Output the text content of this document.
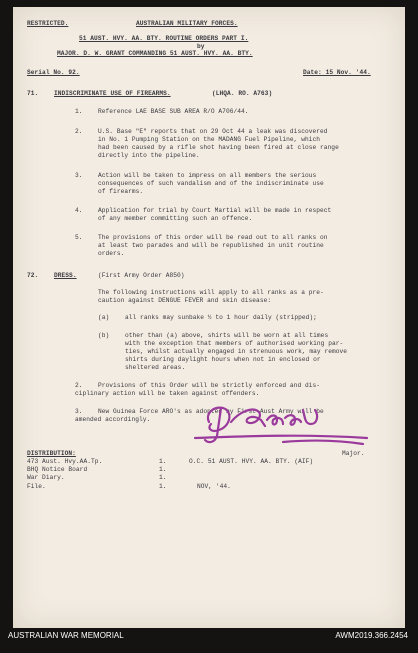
RESTRICTED.	AUSTRALIAN MILITARY FORCES.
51 AUST. HVY. AA. BTY. ROUTINE ORDERS PART I.
by
MAJOR. D. W. GRANT COMMANDING 51 AUST. HVY. AA. BTY.
Serial No. 92.	Date: 15 Nov. '44.
71.	INDISCRIMINATE USE OF FIREARMS.	(LHQA. RO. A763)
1. Reference LAE BASE SUB AREA R/O A706/44.
2. U.S. Base "E" reports that on 29 Oct 44 a leak was discovered
in No. 1 Pumping Station on the MADANG Fuel Pipeline, which
had been caused by a rifle shot having been fired at close range
directly into the pipeline.
3. Action will be taken to impress on all members the serious
consequences of such vandalism and of the indiscriminate use
of firearms.
4. Application for trial by Court Martial will be made in respect
of any member committing such an offence.
5. The provisions of this order will be read out to all ranks on
at least two parades and will be republished in unit routine
orders.
72.	DRESS.	(First Army Order A850)
The following instructions will apply to all ranks as a pre-
caution against DENGUE FEVER and skin disease:
(a)	all ranks may sunbake ½ to 1 hour daily (stripped);
(b)	other than (a) above, shirts will be worn at all times
with the exception that members of authorised working par-
ties, whilst actually engaged in strenuous work, may remove
shirts during daylight hours when not in enclosed or
sheltered areas.
2. Provisions of this Order will be strictly enforced and dis-
ciplinary action will be taken against offenders.
3. New Guinea Force ARO's as adopted by First Aust Army will be
amended accordingly.
DISTRIBUTION:
473 Aust. Hvy.AA.Tp.	1.
BHQ Notice Board	1.
War Diary.	1.
File.	1.
Major.
O.C. 51 AUST. HVY. AA. BTY. (AIF)
NOV, '44.
AUSTRALIAN WAR MEMORIAL	AWM2019.366.2454
